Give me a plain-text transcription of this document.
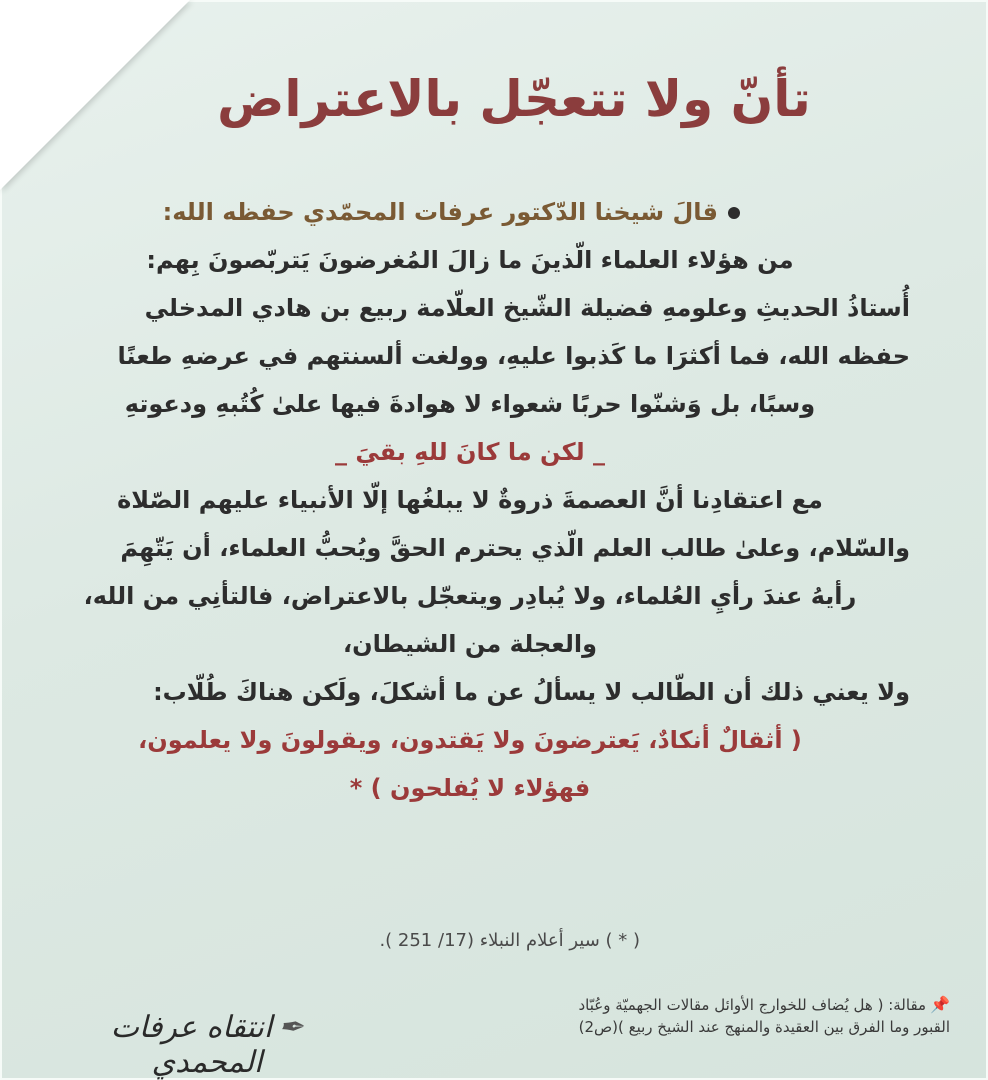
تأنّ ولا تتعجّل بالاعتراض
قالَ شيخنا الدّكتور عرفات المحمّدي حفظه الله:
من هؤلاء العلماء الّذينَ ما زالَ المُغرضونَ يَتربّصونَ بِهم:
أُستاذُ الحديثِ وعلومهِ فضيلة الشّيخ العلّامة ربيع بن هادي المدخلي
حفظه الله، فما أكثرَا ما كَذبوا عليهِ، وولغت ألسنتهم في عرضهِ طعنًا
وسبًا، بل وَشنّوا حربًا شعواء لا هوادةَ فيها علىٰ كُتُبهِ ودعوتهِ
_ لكن ما كانَ للهِ بقيَ _
مع اعتقادِنا أنَّ العصمةَ ذروةٌ لا يبلغُها إلّا الأنبياء عليهم الصّلاة
والسّلام، وعلىٰ طالب العلم الّذي يحترم الحقَّ ويُحبُّ العلماء، أن يَتّهِمَ
رأيهُ عندَ رأيِ العُلماء، ولا يُبادِر ويتعجّل بالاعتراض، فالتأنِي من الله،
والعجلة من الشيطان،
ولا يعني ذلك أن الطّالب لا يسألُ عن ما أشكلَ، ولَكن هناكَ طُلّاب:
( أثقالٌ أنكادٌ، يَعترضونَ ولا يَقتدون، ويقولونَ ولا يعلمون،
فهؤلاء لا يُفلحون ) *
( * ) سير أعلام النبلاء (17/ 251 ).
📌مقالة: ( هل يُضاف للخوارج الأوائل مقالات الجهميّة وعُبّاد
القبور وما الفرق بين العقيدة والمنهج عند الشيخ ربيع )(ص2)
✒انتقاه عرفات المحمدي
